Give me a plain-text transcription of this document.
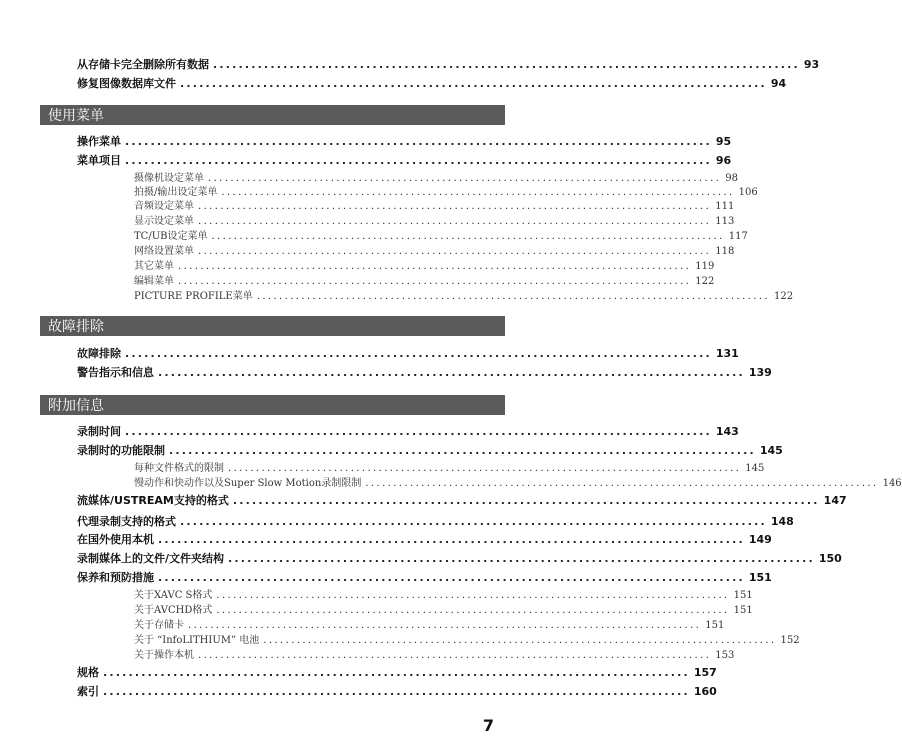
从存储卡完全删除所有数据 ............................................................................................ 93
修复图像数据库文件 ............................................................................................ 94
使用菜单
操作菜单 ............................................................................................ 95
菜单项目 ............................................................................................ 96
摄像机设定菜单 ............................................................................................ 98
拍摄/输出设定菜单 ............................................................................................ 106
音频设定菜单 ............................................................................................ 111
显示设定菜单 ............................................................................................ 113
TC/UB设定菜单 ............................................................................................ 117
网络设置菜单 ............................................................................................ 118
其它菜单 ............................................................................................ 119
编辑菜单 ............................................................................................ 122
PICTURE PROFILE菜单 ............................................................................................ 122
故障排除
故障排除 ............................................................................................ 131
警告指示和信息 ............................................................................................ 139
附加信息
录制时间 ............................................................................................ 143
录制时的功能限制 ............................................................................................ 145
每种文件格式的限制 ............................................................................................ 145
慢动作和快动作以及Super Slow Motion录制限制 ............................................................................................ 146
流媒体/USTREAM支持的格式 ............................................................................................ 147
代理录制支持的格式 ............................................................................................ 148
在国外使用本机 ............................................................................................ 149
录制媒体上的文件/文件夹结构 ............................................................................................ 150
保养和预防措施 ............................................................................................ 151
关于XAVC S格式 ............................................................................................ 151
关于AVCHD格式 ............................................................................................ 151
关于存储卡 ............................................................................................ 151
关于 “InfoLITHIUM” 电池 ............................................................................................ 152
关于操作本机 ............................................................................................ 153
规格 ............................................................................................ 157
索引 ............................................................................................ 160
7
